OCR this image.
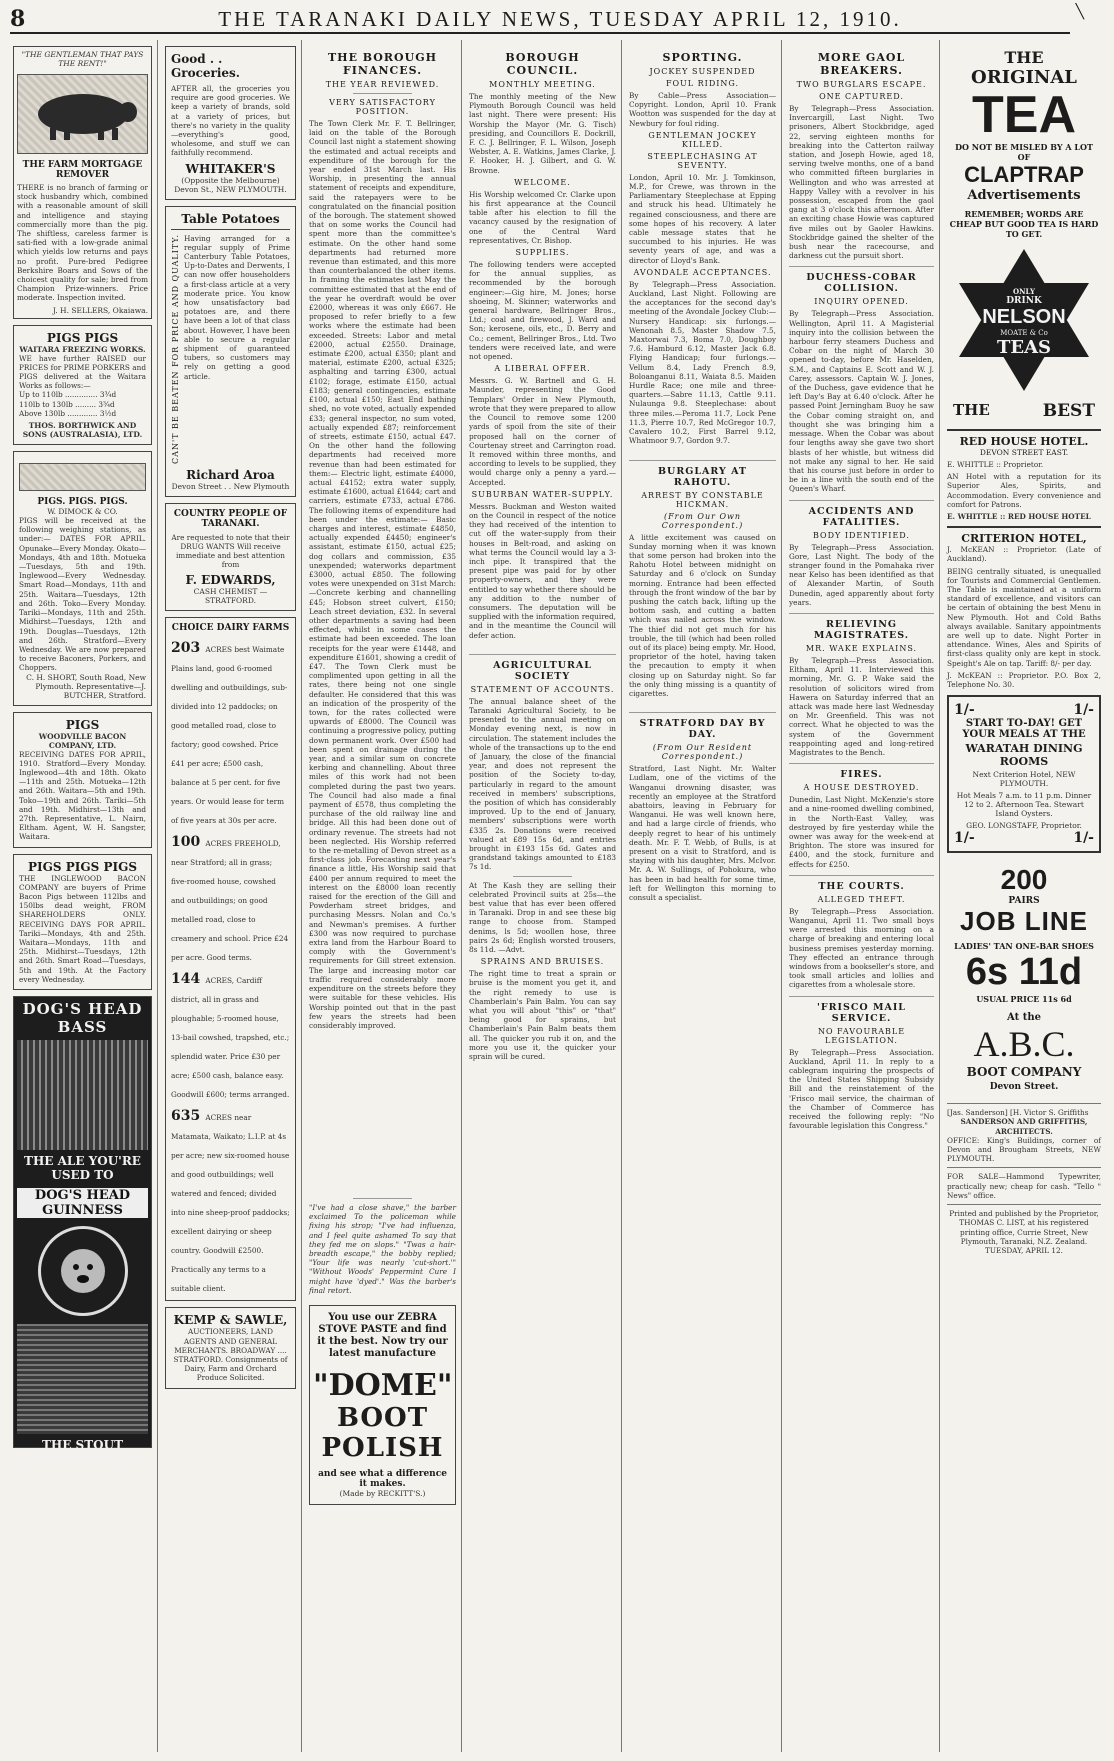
8	THE TARANAKI DAILY NEWS, TUESDAY APRIL 12, 1910.	╲
"THE GENTLEMAN THAT PAYS THE RENT!"
THE FARM MORTGAGE REMOVER
THERE is no branch of farming or stock husbandry which, combined with a reasonable amount of skill and intelligence and staying commercially more than the pig. The shiftless, careless farmer is sati-fied with a low-grade animal which yields low returns and pays no profit. Pure-bred Pedigree Berkshire Boars and Sows of the choicest quality for sale; bred from Champion Prize-winners. Price moderate. Inspection invited.
J. H. SELLERS, Okaiawa.
PIGS PIGS
WAITARA FREEZING WORKS.
WE have further RAISED our PRICES for PRIME PORKERS and PIGS delivered at the Waitara Works as follows:—
Up to 110lb .............. 3¾d
110lb to 130lb ......... 3¾d
Above 130lb ............. 3½d
THOS. BORTHWICK AND SONS (AUSTRALASIA), LTD.
PIGS. PIGS. PIGS.
W. DIMOCK & CO.
PIGS will be received at the following weighing stations, as under:— DATES FOR APRIL. Opunake—Every Monday. Okato—Mondays, 4th and 18th. Motueka—Tuesdays, 5th and 19th. Inglewood—Every Wednesday. Smart Road—Mondays, 11th and 25th. Waitara—Tuesdays, 12th and 26th. Toko—Every Monday. Tariki—Mondays, 11th and 25th. Midhirst—Tuesdays, 12th and 19th. Douglas—Tuesdays, 12th and 26th. Stratford—Every Wednesday. We are now prepared to receive Baconers, Porkers, and Choppers.
C. H. SHORT, South Road, New Plymouth. Representative—J. BUTCHER, Stratford.
PIGS
WOODVILLE BACON COMPANY, LTD.
RECEIVING DATES FOR APRIL, 1910. Stratford—Every Monday. Inglewood—4th and 18th. Okato—11th and 25th. Motueka—12th and 26th. Waitara—5th and 19th. Toko—19th and 26th. Tariki—5th and 19th. Midhirst—13th and 27th. Representative, L. Nairn, Eltham. Agent, W. H. Sangster, Waitara.
PIGS PIGS PIGS
THE INGLEWOOD BACON COMPANY are buyers of Prime Bacon Pigs between 112lbs and 150lbs dead weight, FROM SHAREHOLDERS ONLY. RECEIVING DAYS FOR APRIL. Tariki—Mondays, 4th and 25th. Waitara—Mondays, 11th and 25th. Midhirst—Tuesdays, 12th and 26th. Smart Road—Tuesdays, 5th and 19th. At the Factory every Wednesday.
DOG'S HEAD BASS
THE ALE YOU'RE USED TO
DOG'S HEAD GUINNESS
THE STOUT YOU'RE USED TO
Good . . Groceries.
AFTER all, the groceries you require are good groceries. We keep a variety of brands, sold at a variety of prices, but there's no variety in the quality—everything's good, wholesome, and stuff we can faithfully recommend.
WHITAKER'S
(Opposite the Melbourne) Devon St., NEW PLYMOUTH.
Table Potatoes
CAN'T BE BEATEN FOR PRICE AND QUALITY. Having arranged for a regular supply of Prime Canterbury Table Potatoes, Up-to-Dates and Derwents, I can now offer householders a first-class article at a very moderate price. You know how unsatisfactory bad potatoes are, and there have been a lot of that class about. However, I have been able to secure a regular shipment of guaranteed tubers, so customers may rely on getting a good article.
Richard Aroa
Devon Street . . New Plymouth
COUNTRY PEOPLE OF TARANAKI.
Are requested to note that their DRUG WANTS Will receive immediate and best attention from
F. EDWARDS,
CASH CHEMIST — STRATFORD.
CHOICE DAIRY FARMS
203 ACRES best Waimate Plains land, good 6-roomed dwelling and outbuildings, sub-divided into 12 paddocks; on good metalled road, close to factory; good cowshed. Price £41 per acre; £500 cash, balance at 5 per cent. for five years. Or would lease for term of five years at 30s per acre.
100 ACRES FREEHOLD, near Stratford; all in grass; five-roomed house, cowshed and outbuildings; on good metalled road, close to creamery and school. Price £24 per acre. Good terms.
144 ACRES, Cardiff district, all in grass and ploughable; 5-roomed house, 13-bail cowshed, trapshed, etc.; splendid water. Price £30 per acre; £500 cash, balance easy. Goodwill £600; terms arranged.
635 ACRES near Matamata, Waikato; L.I.P. at 4s per acre; new six-roomed house and good outbuildings; well watered and fenced; divided into nine sheep-proof paddocks; excellent dairying or sheep country. Goodwill £2500. Practically any terms to a suitable client.
KEMP & SAWLE,
AUCTIONEERS, LAND AGENTS AND GENERAL MERCHANTS. BROADWAY .... STRATFORD. Consignments of Dairy, Farm and Orchard Produce Solicited.
THE BOROUGH FINANCES.
THE YEAR REVIEWED.
VERY SATISFACTORY POSITION.
The Town Clerk Mr. F. T. Bellringer, laid on the table of the Borough Council last night a statement showing the estimated and actual receipts and expenditure of the borough for the year ended 31st March last. His Worship, in presenting the annual statement of receipts and expenditure, said the ratepayers were to be congratulated on the financial position of the borough. The statement showed that on some works the Council had spent more than the committee's estimate. On the other hand some departments had returned more revenue than estimated, and this more than counterbalanced the other items. In framing the estimates last May the committee estimated that at the end of the year he overdraft would be over £2000, whereas it was only £667. He proposed to refer briefly to a few works where the estimate had been exceeded. Streets: Labor and metal £2000, actual £2550. Drainage, estimate £200, actual £350; plant and material, estimate £200, actual £325; asphalting and tarring £300, actual £102; forage, estimate £150, actual £183; general contingencies, estimate £100, actual £150; East End bathing shed, no vote voted, actually expended £33; general inspector, no sum voted, actually expended £87; reinforcement of streets, estimate £150, actual £47. On the other hand the following departments had received more revenue than had been estimated for them:— Electric light, estimate £4000, actual £4152; extra water supply, estimate £1600, actual £1644; cart and carriers, estimate £733, actual £786. The following items of expenditure had been under the estimate:— Basic charges and interest, estimate £4850, actually expended £4450; engineer's assistant, estimate £150, actual £25; dog collars and commission, £35 unexpended; waterworks department £3000, actual £850. The following votes were unexpended on 31st March:—Concrete kerbing and channelling £45; Hobson street culvert, £150; Leach street deviation, £32. In several other departments a saving had been effected, whilst in some cases the estimate had been exceeded. The loan receipts for the year were £1448, and expenditure £1601, showing a credit of £47. The Town Clerk must be complimented upon getting in all the rates, there being not one single defaulter. He considered that this was an indication of the prosperity of the town, for the rates collected were upwards of £8000. The Council was continuing a progressive policy, putting down permanent work. Over £500 had been spent on drainage during the year, and a similar sum on concrete kerbing and channelling. About three miles of this work had not been completed during the past two years. The Council had also made a final payment of £578, thus completing the purchase of the old railway line and bridge. All this had been done out of ordinary revenue. The streets had not been neglected. His Worship referred to the re-metalling of Devon street as a first-class job. Forecasting next year's finance a little, His Worship said that £400 per annum required to meet the interest on the £8000 loan recently raised for the erection of the Gill and Powderham street bridges, and purchasing Messrs. Nolan and Co.'s and Newman's premises. A further £300 was now required to purchase extra land from the Harbour Board to comply with the Government's requirements for Gill street extension. The large and increasing motor car traffic required considerably more expenditure on the streets before they were suitable for these vehicles. His Worship pointed out that in the past few years the streets had been considerably improved.
"I've had a close shave," the barber exclaimed To the policeman while fixing his strop; "I've had influenza, and I feel quite ashamed To say that they fed me on slops." "Twas a hair-breadth escape," the bobby replied; "Your life was nearly 'cut-short.'" "Without Woods' Peppermint Cure I might have 'dyed'." Was the barber's final retort.
You use our ZEBRA STOVE PASTE and find it the best. Now try our latest manufacture
"DOME"
BOOT POLISH
and see what a difference it makes.
(Made by RECKITT'S.)
BOROUGH COUNCIL.
MONTHLY MEETING.
The monthly meeting of the New Plymouth Borough Council was held last night. There were present: His Worship the Mayor (Mr. G. Tisch) presiding, and Councillors E. Dockrill, F. C. J. Bellringer, F. L. Wilson, Joseph Webster, A. E. Watkins, James Clarke, J. F. Hooker, H. J. Gilbert, and G. W. Browne.
WELCOME.
His Worship welcomed Cr. Clarke upon his first appearance at the Council table after his election to fill the vacancy caused by the resignation of one of the Central Ward representatives, Cr. Bishop.
SUPPLIES.
The following tenders were accepted for the annual supplies, as recommended by the borough engineer:—Gig hire, M. Jones; horse shoeing, M. Skinner; waterworks and general hardware, Bellringer Bros., Ltd.; coal and firewood, J. Ward and Son; kerosene, oils, etc., D. Berry and Co.; cement, Bellringer Bros., Ltd. Two tenders were received late, and were not opened.
A LIBERAL OFFER.
Messrs. G. W. Bartnell and G. H. Maunder, representing the Good Templars' Order in New Plymouth, wrote that they were prepared to allow the Council to remove some 1200 yards of spoil from the site of their proposed hall on the corner of Courtenay street and Carrington road. It removed within three months, and according to levels to be supplied, they would charge only a penny a yard.—Accepted.
SUBURBAN WATER-SUPPLY.
Messrs. Buckman and Weston waited on the Council in respect of the notice they had received of the intention to cut off the water-supply from their houses in Belt-road, and asking on what terms the Council would lay a 3-inch pipe. It transpired that the present pipe was paid for by other property-owners, and they were entitled to say whether there should be any addition to the number of consumers. The deputation will be supplied with the information required, and in the meantime the Council will defer action.
AGRICULTURAL SOCIETY
STATEMENT OF ACCOUNTS.
The annual balance sheet of the Taranaki Agricultural Society, to be presented to the annual meeting on Monday evening next, is now in circulation. The statement includes the whole of the transactions up to the end of January, the close of the financial year, and does not represent the position of the Society to-day, particularly in regard to the amount received in members' subscriptions, the position of which has considerably improved. Up to the end of January, members' subscriptions were worth £335 2s. Donations were received valued at £89 15s 6d, and entries brought in £193 15s 6d. Gates and grandstand takings amounted to £183 7s 1d.
At The Kash they are selling their celebrated Provincil suits at 25s—the best value that has ever been offered in Taranaki. Drop in and see these big range to choose from. Stamped denims, ls 5d; woollen hose, three pairs 2s 6d; English worsted trousers, 8s 11d. —Advt.
SPRAINS AND BRUISES.
The right time to treat a sprain or bruise is the moment you get it, and the right remedy to use is Chamberlain's Pain Balm. You can say what you will about "this" or "that" being good for sprains, but Chamberlain's Pain Balm beats them all. The quicker you rub it on, and the more you use it, the quicker your sprain will be cured.
SPORTING.
JOCKEY SUSPENDED
FOUL RIDING.
By Cable—Press Association—Copyright. London, April 10. Frank Wootton was suspended for the day at Newbury for foul riding.
GENTLEMAN JOCKEY KILLED.
STEEPLECHASING AT SEVENTY.
London, April 10. Mr. J. Tomkinson, M.P., for Crewe, was thrown in the Parliamentary Steeplechase at Epping and struck his head. Ultimately he regained consciousness, and there are some hopes of his recovery. A later cable message states that he succumbed to his injuries. He was seventy years of age, and was a director of Lloyd's Bank.
AVONDALE ACCEPTANCES.
By Telegraph—Press Association. Auckland, Last Night. Following are the acceptances for the second day's meeting of the Avondale Jockey Club:— Nursery Handicap: six furlongs.—Wenonah 8.5, Master Shadow 7.5, Maxtorwai 7.3, Boma 7.0, Doughboy 7.6. Hamburd 6.12, Master Jack 6.8. Flying Handicap; four furlongs.—Vellum 8.4, Lady French 8.9, Boloanganui 8.11, Waiata 8.5. Maiden Hurdle Race; one mile and three-quarters.—Sabre 11.13, Cattle 9.11. Nulaunga 9.8. Steeplechase: about three miles.—Peroma 11.7, Lock Pene 11.3, Pierre 10.7, Red McGregor 10.7, Cavalero 10.2, First Barrel 9.12, Whatmoor 9.7, Gordon 9.7.
BURGLARY AT RAHOTU.
ARREST BY CONSTABLE HICKMAN.
(From Our Own Correspondent.)
A little excitement was caused on Sunday morning when it was known that some person had broken into the Rahotu Hotel between midnight on Saturday and 6 o'clock on Sunday morning. Entrance had been effected through the front window of the bar by pushing the catch back, lifting up the bottom sash, and cutting a batten which was nailed across the window. The thief did not get much for his trouble, the till (which had been rolled out of its place) being empty. Mr. Hood, proprietor of the hotel, having taken the precaution to empty it when closing up on Saturday night. So far the only thing missing is a quantity of cigarettes.
STRATFORD DAY BY DAY.
(From Our Resident Correspondent.)
Stratford, Last Night. Mr. Walter Ludlam, one of the victims of the Wanganui drowning disaster, was recently an employee at the Stratford abattoirs, leaving in February for Wanganui. He was well known here, and had a large circle of friends, who deeply regret to hear of his untimely death. Mr. F. T. Webb, of Bulls, is at present on a visit to Stratford, and is staying with his daughter, Mrs. McIvor. Mr. A. W. Sullings, of Pohokura, who has been in bad health for some time, left for Wellington this morning to consult a specialist.
MORE GAOL BREAKERS.
TWO BURGLARS ESCAPE.
ONE CAPTURED.
By Telegraph—Press Association. Invercargill, Last Night. Two prisoners, Albert Stockbridge, aged 22, serving eighteen months for breaking into the Catterton railway station, and Joseph Howie, aged 18, serving twelve months, one of a band who committed fifteen burglaries in Wellington and who was arrested at Happy Valley with a revolver in his possession, escaped from the gaol gang at 3 o'clock this afternoon. After an exciting chase Howie was captured five miles out by Gaoler Hawkins. Stockbridge gained the shelter of the bush near the racecourse, and darkness cut the pursuit short.
DUCHESS-COBAR COLLISION.
INQUIRY OPENED.
By Telegraph—Press Association. Wellington, April 11. A Magisterial inquiry into the collision between the harbour ferry steamers Duchess and Cobar on the night of March 30 opened to-day, before Mr. Haselden, S.M., and Captains E. Scott and W. J. Carey, assessors. Captain W. J. Jones, of the Duchess, gave evidence that he left Day's Bay at 6.40 o'clock. After he passed Point Jerningham Buoy he saw the Cobar coming straight on, and thought she was bringing him a message. When the Cobar was about four lengths away she gave two short blasts of her whistle, but witness did not make any signal to her. He said that his course just before in order to be in a line with the south end of the Queen's Wharf.
ACCIDENTS AND FATALITIES.
BODY IDENTIFIED.
By Telegraph—Press Association. Gore, Last Night. The body of the stranger found in the Pomahaka river near Kelso has been identified as that of Alexander Martin, of South Dunedin, aged apparently about forty years.
RELIEVING MAGISTRATES.
MR. WAKE EXPLAINS.
By Telegraph—Press Association. Eltham, April 11. Interviewed this morning, Mr. G. P. Wake said the resolution of solicitors wired from Hawera on Saturday inferred that an attack was made here last Wednesday on Mr. Greenfield. This was not correct. What he objected to was the system of the Government reappointing aged and long-retired Magistrates to the Bench.
FIRES.
A HOUSE DESTROYED.
Dunedin, Last Night. McKenzie's store and a nine-roomed dwelling combined, in the North-East Valley, was destroyed by fire yesterday while the owner was away for the week-end at Brighton. The store was insured for £400, and the stock, furniture and effects for £250.
THE COURTS.
ALLEGED THEFT.
By Telegraph—Press Association. Wanganui, April 11. Two small boys were arrested this morning on a charge of breaking and entering local business premises yesterday morning. They effected an entrance through windows from a bookseller's store, and took small articles and lollies and cigarettes from a wholesale store.
'FRISCO MAIL SERVICE.
NO FAVOURABLE LEGISLATION.
By Telegraph—Press Association. Auckland, April 11. In reply to a cablegram inquiring the prospects of the United States Shipping Subsidy Bill and the reinstatement of the 'Frisco mail service, the chairman of the Chamber of Commerce has received the following reply: "No favourable legislation this Congress."
THE
ORIGINAL
TEA
DO NOT BE MISLED BY A LOT OF
CLAPTRAP
Advertisements
REMEMBER; WORDS ARE CHEAP BUT GOOD TEA IS HARD TO GET.
ONLY
DRINK
NELSON
MOATE & Co
TEAS
THE	BEST
RED HOUSE HOTEL.
DEVON STREET EAST.
E. WHITTLE :: Proprietor.
AN Hotel with a reputation for its Superior Ales, Spirits, and Accommodation. Every convenience and comfort for Patrons.
E. WHITTLE :: RED HOUSE HOTEL
CRITERION HOTEL,
J. McKEAN :: Proprietor. (Late of Auckland).
BEING centrally situated, is unequalled for Tourists and Commercial Gentlemen. The Table is maintained at a uniform standard of excellence, and visitors can be certain of obtaining the best Menu in New Plymouth. Hot and Cold Baths always available. Sanitary appointments are well up to date. Night Porter in attendance. Wines, Ales and Spirits of first-class quality only are kept in stock. Speight's Ale on tap. Tariff: 8/- per day.
J. McKEAN :: Proprietor. P.O. Box 2, Telephone No. 30.
1/-	1/-
START TO-DAY! GET YOUR MEALS AT THE
WARATAH DINING ROOMS
Next Criterion Hotel, NEW PLYMOUTH.
Hot Meals 7 a.m. to 11 p.m. Dinner 12 to 2. Afternoon Tea. Stewart Island Oysters.
GEO. LONGSTAFF, Proprietor.
1/-	1/-
200
PAIRS
JOB LINE
LADIES' TAN ONE-BAR SHOES
6s 11d
USUAL PRICE 11s 6d
At the
A.B.C.
BOOT COMPANY
Devon Street.
[Jas. Sanderson] [H. Victor S. Griffiths
SANDERSON AND GRIFFITHS, ARCHITECTS.
OFFICE: King's Buildings, corner of Devon and Brougham Streets, NEW PLYMOUTH.
FOR SALE—Hammond Typewriter, practically new; cheap for cash. "Tello " News" office.
Printed and published by the Proprietor, THOMAS C. LIST, at his registered printing office, Currie Street, New Plymouth, Taranaki, N.Z. Zealand. TUESDAY, APRIL 12.
